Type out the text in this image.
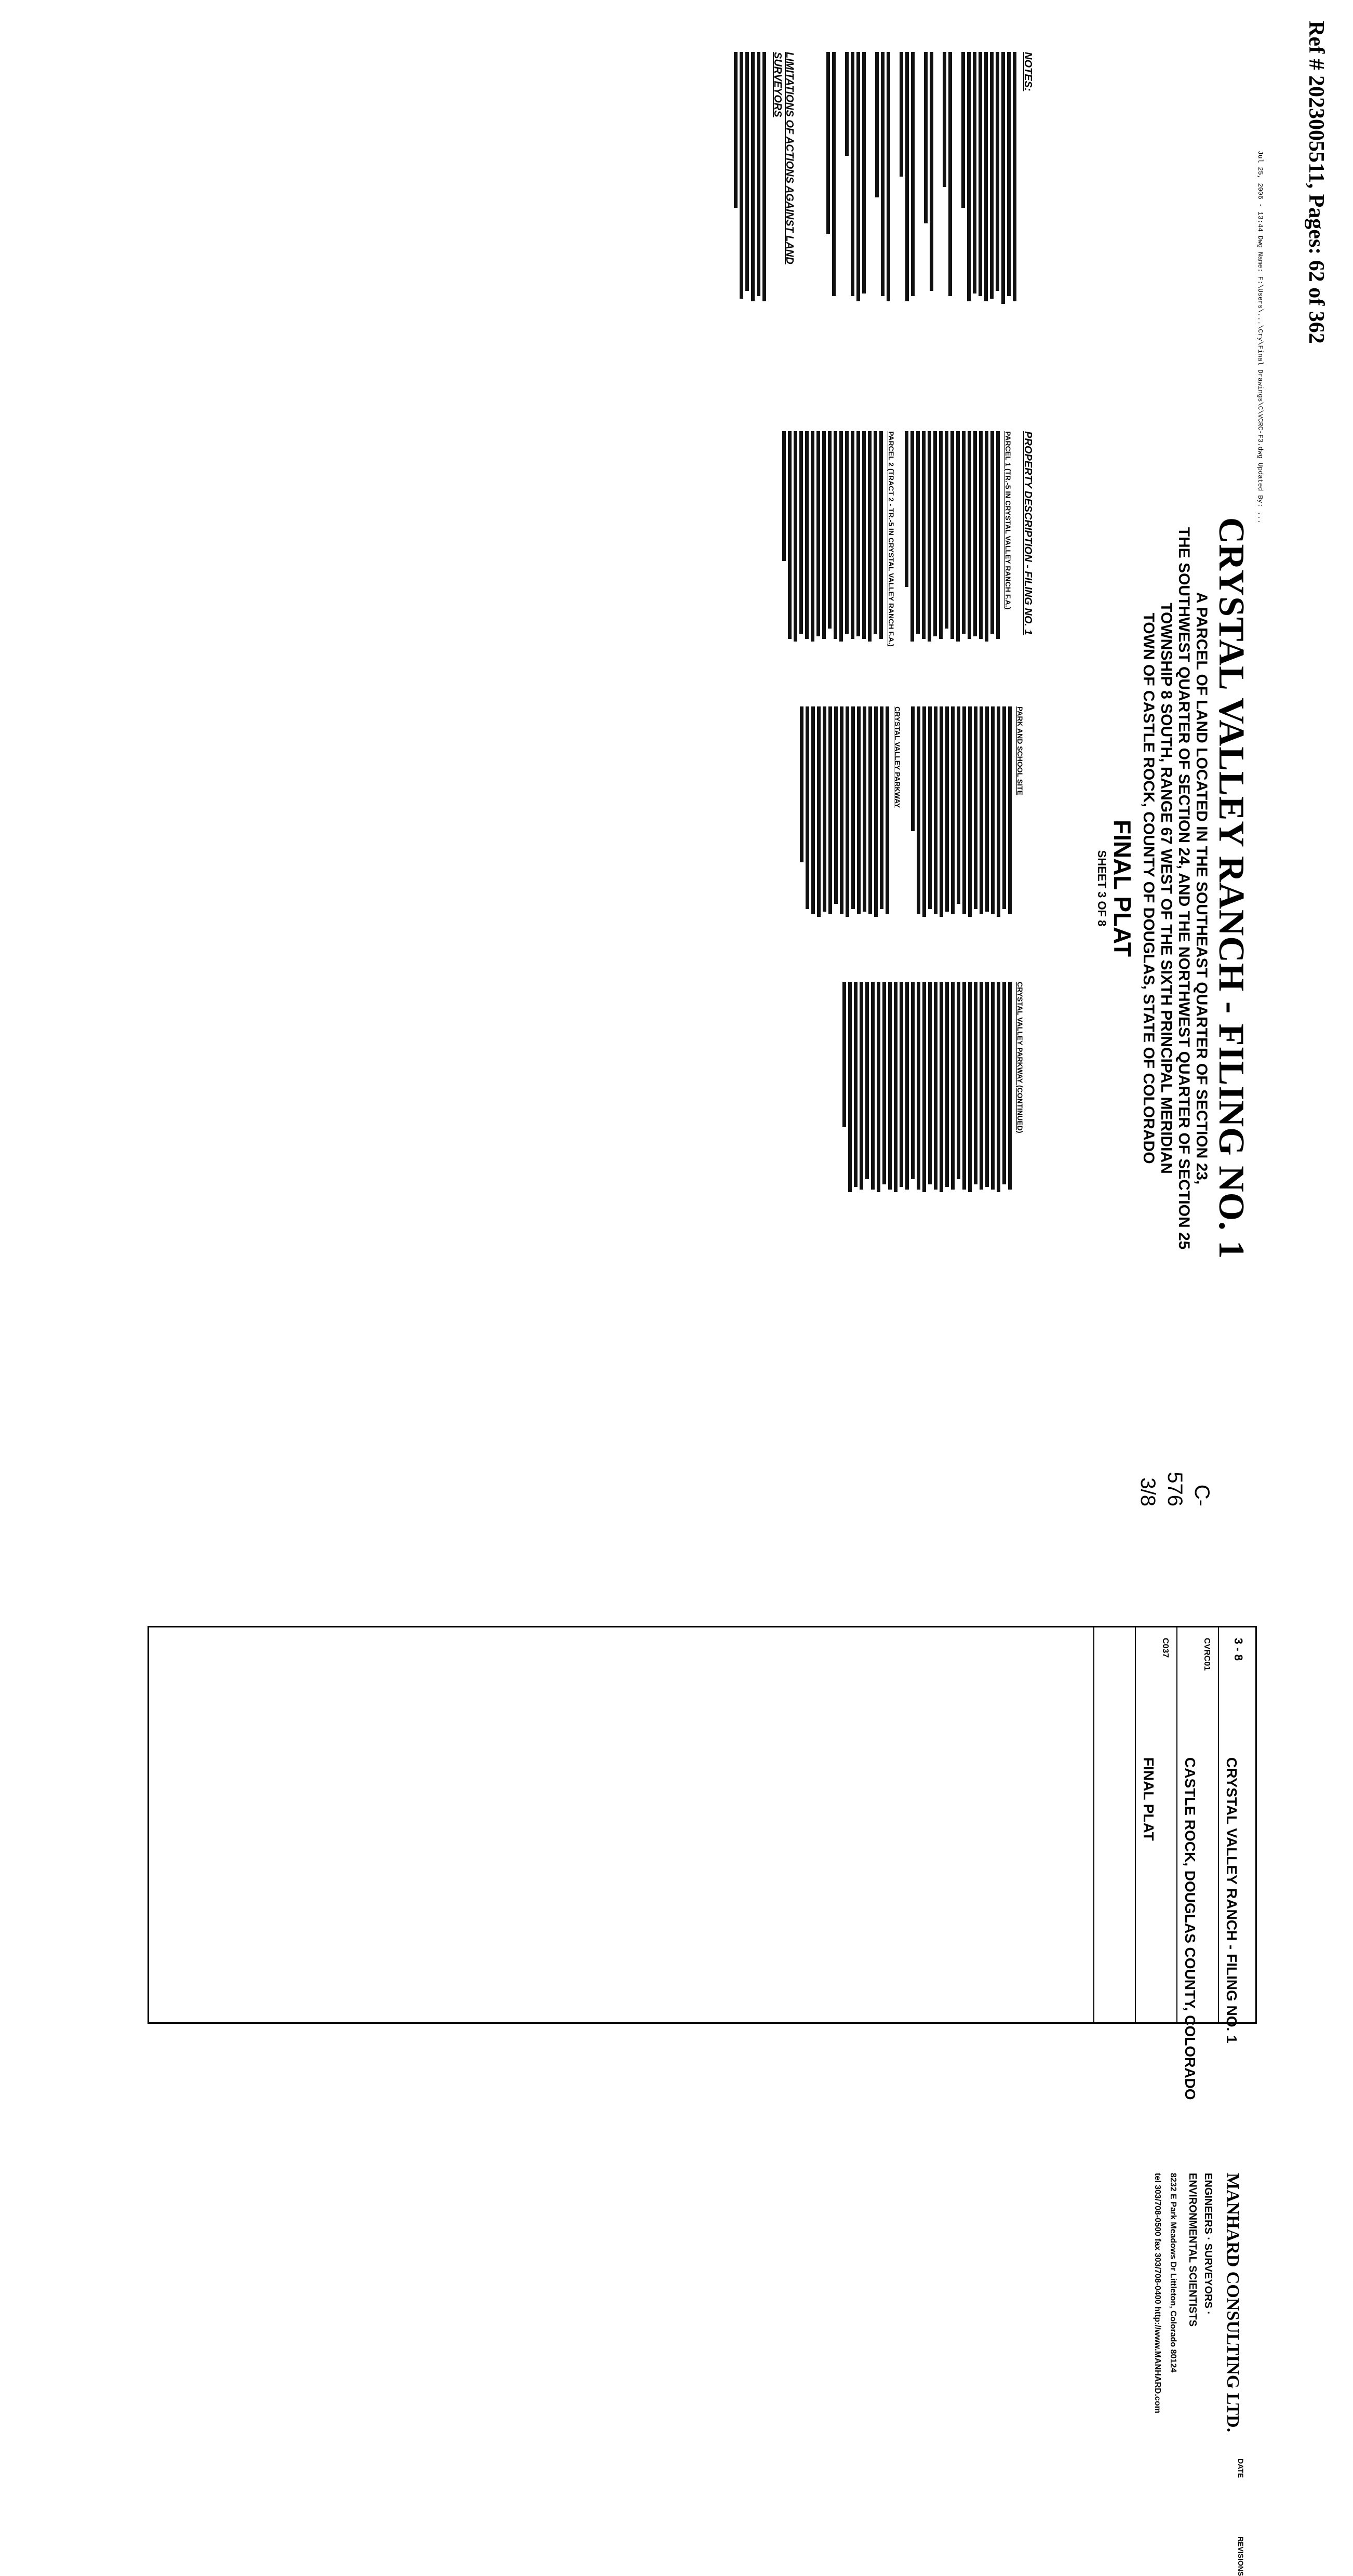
Ref # 2023005511, Pages: 62 of 362
Jul 25, 2006 - 13:44 Dwg Name: F:\Users\...\Cry\Final Drawings\C\VCRC-F3.dwg Updated By: ...
CRYSTAL VALLEY RANCH - FILING NO. 1
A PARCEL OF LAND LOCATED IN THE SOUTHEAST QUARTER OF SECTION 23,
THE SOUTHWEST QUARTER OF SECTION 24, AND THE NORTHWEST QUARTER OF SECTION 25
TOWNSHIP 8 SOUTH, RANGE 67 WEST OF THE SIXTH PRINCIPAL MERIDIAN
TOWN OF CASTLE ROCK, COUNTY OF DOUGLAS, STATE OF COLORADO
FINAL PLAT
SHEET 3 OF 8
C-576
3/8
NOTES:
LIMITATIONS OF ACTIONS AGAINST LAND SURVEYORS
PROPERTY DESCRIPTION - FILING NO. 1
PARCEL 1 (TR.-5 IN CRYSTAL VALLEY RANCH F.A.)
PARCEL 2 (TRACT 2 - TR.-5 IN CRYSTAL VALLEY RANCH F.A.)
PARK AND SCHOOL SITE
CRYSTAL VALLEY PARKWAY
CRYSTAL VALLEY PARKWAY (CONTINUED)
3 - 8
CVRC01
C037
CRYSTAL VALLEY RANCH - FILING NO. 1
CASTLE ROCK, DOUGLAS COUNTY, COLORADO
FINAL PLAT
MANHARD CONSULTING LTD.
ENGINEERS · SURVEYORS ·
ENVIRONMENTAL SCIENTISTS
8232 E Park Meadows Dr Littleton, Colorado 80124
tel 303/708-0500 fax 303/708-0400 http://www.MANHARD.com
DATE
REVISIONS
